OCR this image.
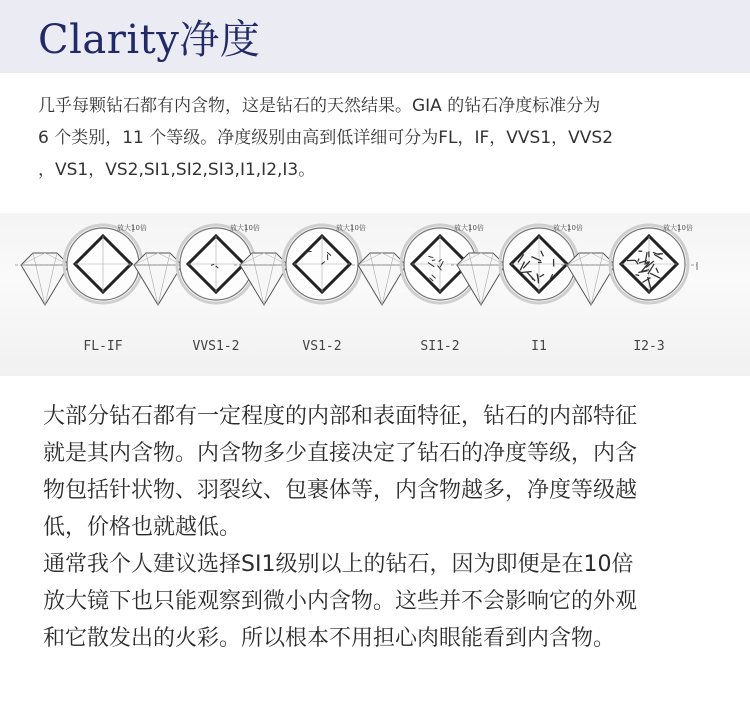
Clarity净度

几乎每颗钻石都有内含物，这是钻石的天然结果。GIA 的钻石净度标准分为

6 个类别，11 个等级。净度级别由高到低详细可分为FL，IF，VVS1，VVS2

，VS1，VS2,SI1,SI2,SI3,I1,I2,I3。

放大10倍	放大10倍	放大10倍	放大10倍	放大10倍	放大10倍
FL-IF	VVS1-2	VS1-2	SI1-2	I1	I2-3

大部分钻石都有一定程度的内部和表面特征，钻石的内部特征

就是其内含物。内含物多少直接决定了钻石的净度等级，内含

物包括针状物、羽裂纹、包裹体等，内含物越多，净度等级越

低，价格也就越低。

通常我个人建议选择SI1级别以上的钻石，因为即便是在10倍

放大镜下也只能观察到微小内含物。这些并不会影响它的外观

和它散发出的火彩。所以根本不用担心肉眼能看到内含物。
